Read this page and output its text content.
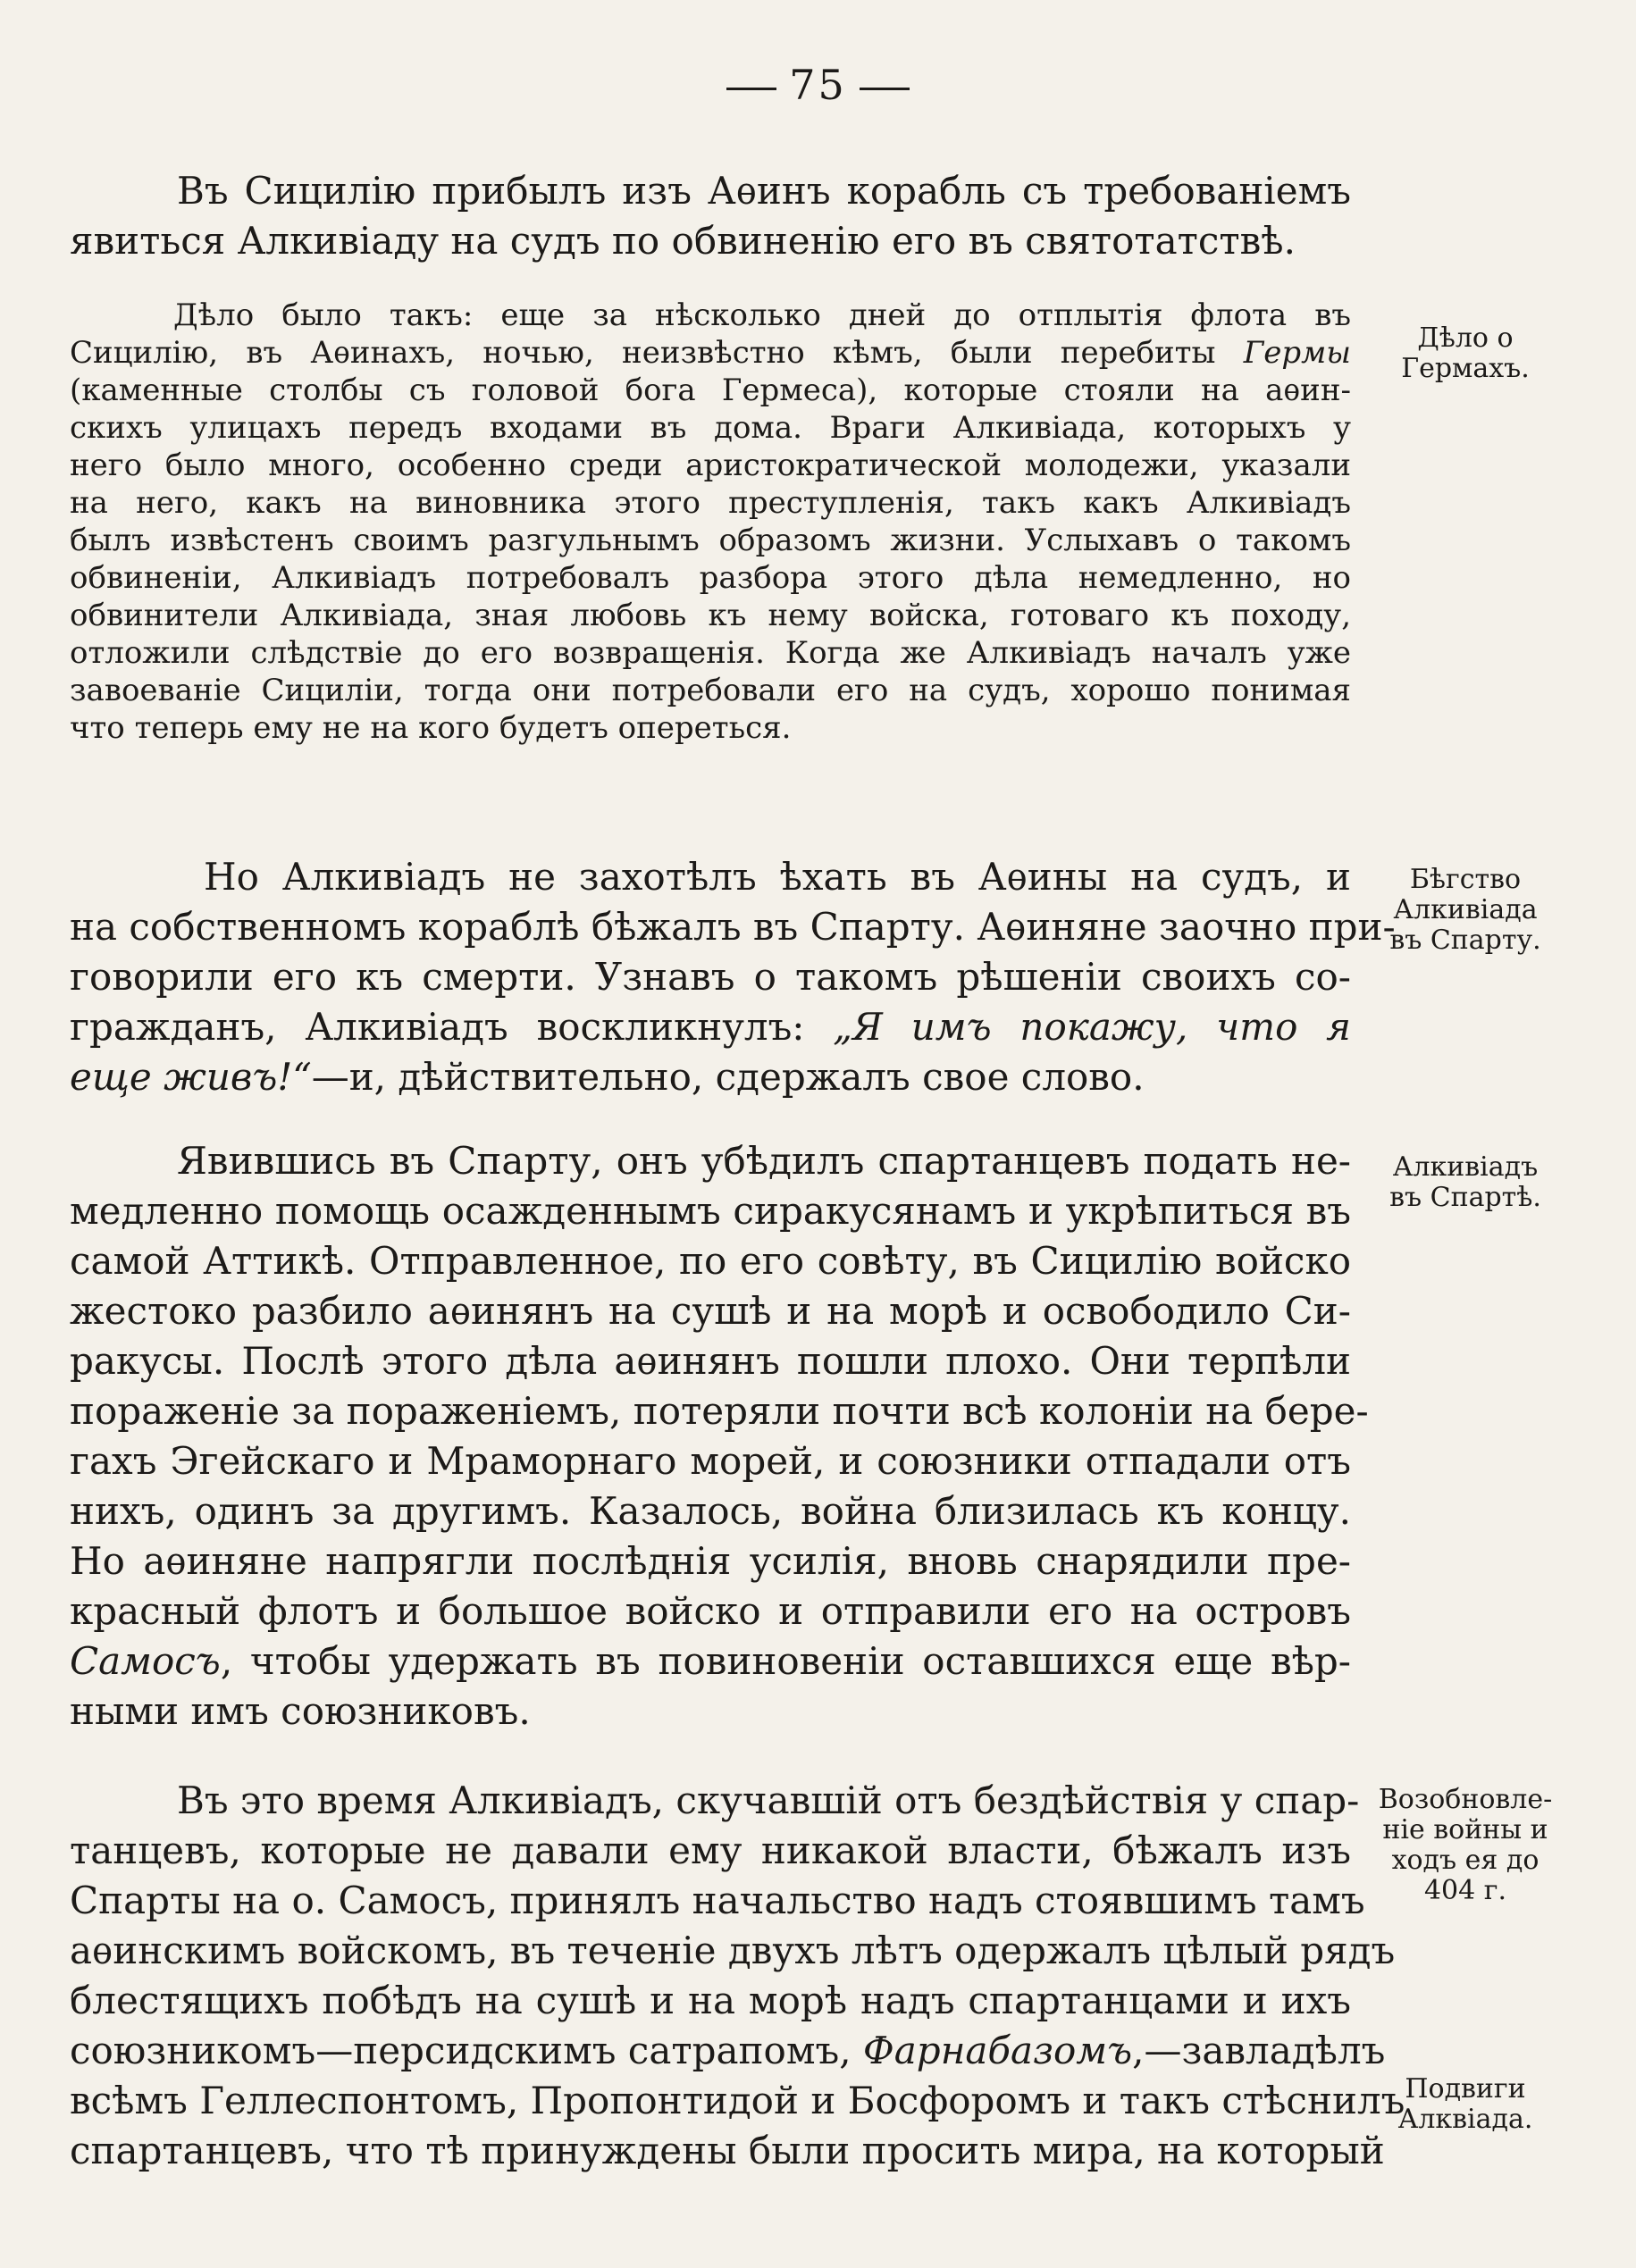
75
Въ Сицилію прибылъ изъ Аѳинъ корабль съ требованіемъ
явиться Алкивіаду на судъ по обвиненію его въ святотатствѣ.
Дѣло было такъ: еще за нѣсколько дней до отплытія флота въ
Сицилію, въ Аѳинахъ, ночью, неизвѣстно кѣмъ, были перебиты Гермы
(каменные столбы съ головой бога Гермеса), которые стояли на аѳин-
скихъ улицахъ передъ входами въ дома. Враги Алкивіада, которыхъ у
него было много, особенно среди аристократической молодежи, указали
на него, какъ на виновника этого преступленія, такъ какъ Алкивіадъ
былъ извѣстенъ своимъ разгульнымъ образомъ жизни. Услыхавъ о такомъ
обвиненіи, Алкивіадъ потребовалъ разбора этого дѣла немедленно, но
обвинители Алкивіада, зная любовь къ нему войска, готоваго къ походу,
отложили слѣдствіе до его возвращенія. Когда же Алкивіадъ началъ уже
завоеваніе Сициліи, тогда они потребовали его на судъ, хорошо понимая
что теперь ему не на кого будетъ опереться.
Но Алкивіадъ не захотѣлъ ѣхать въ Аѳины на судъ, и
на собственномъ кораблѣ бѣжалъ въ Спарту. Аѳиняне заочно при-
говорили его къ смерти. Узнавъ о такомъ рѣшеніи своихъ со-
гражданъ, Алкивіадъ воскликнулъ: „Я имъ покажу, что я
еще живъ!“—и, дѣйствительно, сдержалъ свое слово.
Явившись въ Спарту, онъ убѣдилъ спартанцевъ подать не-
медленно помощь осажденнымъ сиракусянамъ и укрѣпиться въ
самой Аттикѣ. Отправленное, по его совѣту, въ Сицилію войско
жестоко разбило аѳинянъ на сушѣ и на морѣ и освободило Си-
ракусы. Послѣ этого дѣла аѳинянъ пошли плохо. Они терпѣли
пораженіе за пораженіемъ, потеряли почти всѣ колоніи на бере-
гахъ Эгейскаго и Мраморнаго морей, и союзники отпадали отъ
нихъ, одинъ за другимъ. Казалось, война близилась къ концу.
Но аѳиняне напрягли послѣднія усилія, вновь снарядили пре-
красный флотъ и большое войско и отправили его на островъ
Самосъ, чтобы удержать въ повиновеніи оставшихся еще вѣр-
ными имъ союзниковъ.
Въ это время Алкивіадъ, скучавшій отъ бездѣйствія у спар-
танцевъ, которые не давали ему никакой власти, бѣжалъ изъ
Спарты на о. Самосъ, принялъ начальство надъ стоявшимъ тамъ
аѳинскимъ войскомъ, въ теченіе двухъ лѣтъ одержалъ цѣлый рядъ
блестящихъ побѣдъ на сушѣ и на морѣ надъ спартанцами и ихъ
союзникомъ—персидскимъ сатрапомъ, Фарнабазомъ,—завладѣлъ
всѣмъ Геллеспонтомъ, Пропонтидой и Босфоромъ и такъ стѣснилъ
спартанцевъ, что тѣ принуждены были просить мира, на который
Дѣло о
Гермахъ.
Бѣгство
Алкивіада
въ Спарту.
Алкивіадъ
въ Спартѣ.
Возобновле-
ніе войны и
ходъ ея до
404 г.
Подвиги
Алквіада.
